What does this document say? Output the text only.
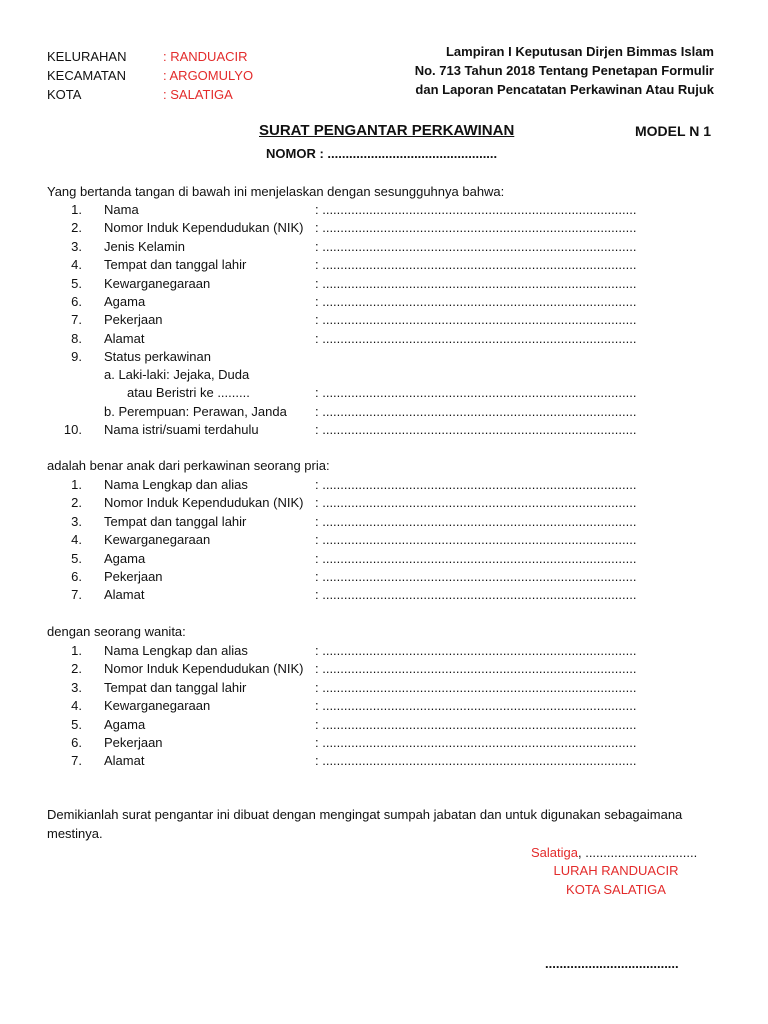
KELURAHAN	: RANDUACIR
KECAMATAN	: ARGOMULYO
KOTA	: SALATIGA
Lampiran I Keputusan Dirjen Bimmas Islam
No. 713 Tahun 2018 Tentang Penetapan Formulir
dan Laporan Pencatatan Perkawinan Atau Rujuk
MODEL N 1
SURAT PENGANTAR PERKAWINAN
NOMOR : ...............................................
Yang bertanda tangan di bawah ini menjelaskan dengan sesungguhnya bahwa:
1. Nama	: .......................................................................................
2. Nomor Induk Kependudukan (NIK) : .......................................................................................
3. Jenis Kelamin	: .......................................................................................
4. Tempat dan tanggal lahir	: .......................................................................................
5. Kewarganegaraan	: .......................................................................................
6. Agama	: .......................................................................................
7. Pekerjaan	: .......................................................................................
8. Alamat	: .......................................................................................
9. Status perkawinan
a. Laki-laki: Jejaka, Duda
atau Beristri ke .........	: .......................................................................................
b. Perempuan: Perawan, Janda : .......................................................................................
10. Nama istri/suami terdahulu	: .......................................................................................
adalah benar anak dari perkawinan seorang pria:
1. Nama Lengkap dan alias	: .......................................................................................
2. Nomor Induk Kependudukan (NIK) : .......................................................................................
3. Tempat dan tanggal lahir	: .......................................................................................
4. Kewarganegaraan	: .......................................................................................
5. Agama	: .......................................................................................
6. Pekerjaan	: .......................................................................................
7. Alamat	: .......................................................................................
dengan seorang wanita:
1. Nama Lengkap dan alias	: .......................................................................................
2. Nomor Induk Kependudukan (NIK) : .......................................................................................
3. Tempat dan tanggal lahir	: .......................................................................................
4. Kewarganegaraan	: .......................................................................................
5. Agama	: .......................................................................................
6. Pekerjaan	: .......................................................................................
7. Alamat	: .......................................................................................
Demikianlah surat pengantar ini dibuat dengan mengingat sumpah jabatan dan untuk digunakan sebagaimana
mestinya.
Salatiga, ...............................
LURAH RANDUACIR
KOTA SALATIGA
.....................................
